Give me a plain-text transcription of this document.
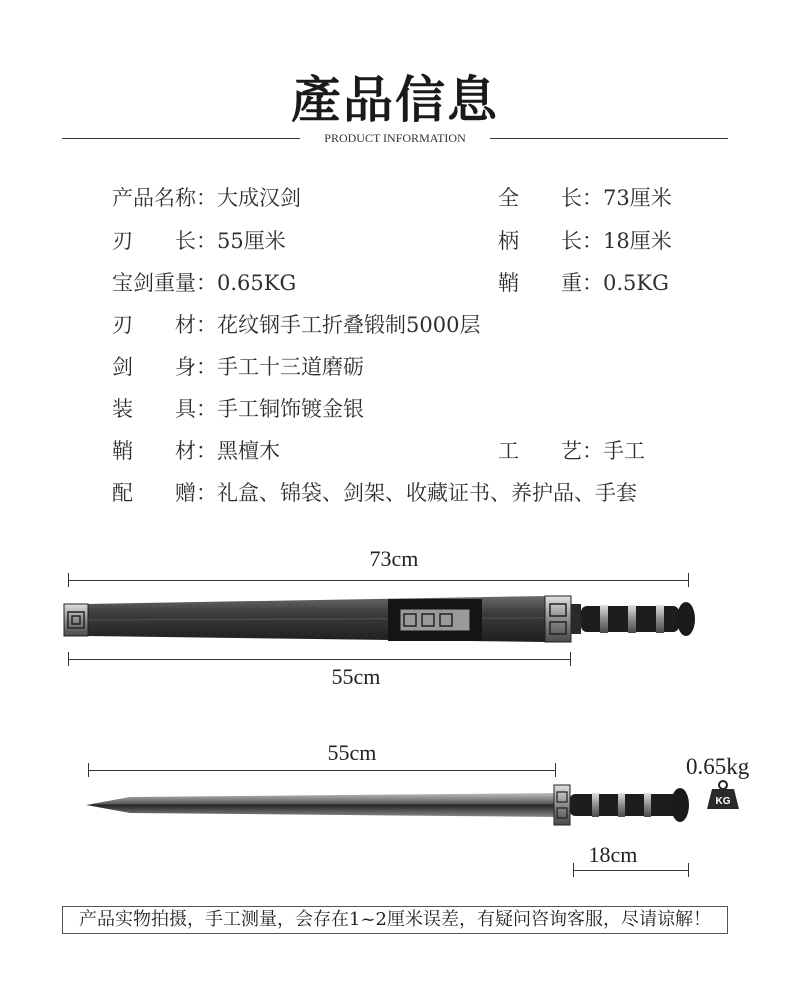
產品信息
PRODUCT INFORMATION
产品名称：大成汉剑	全　　长：73厘米
刃　　长：55厘米	柄　　长：18厘米
宝剑重量：0.65KG	鞘　　重：0.5KG
刃　　材：花纹钢手工折叠锻制5000层
剑　　身：手工十三道磨砺
装　　具：手工铜饰镀金银
鞘　　材：黑檀木	工　　艺：手工
配　　赠：礼盒、锦袋、剑架、收藏证书、养护品、手套
73cm
55cm
55cm
0.65kg
KG
18cm
产品实物拍摄，手工测量，会存在1~2厘米误差，有疑问咨询客服，尽请谅解！
